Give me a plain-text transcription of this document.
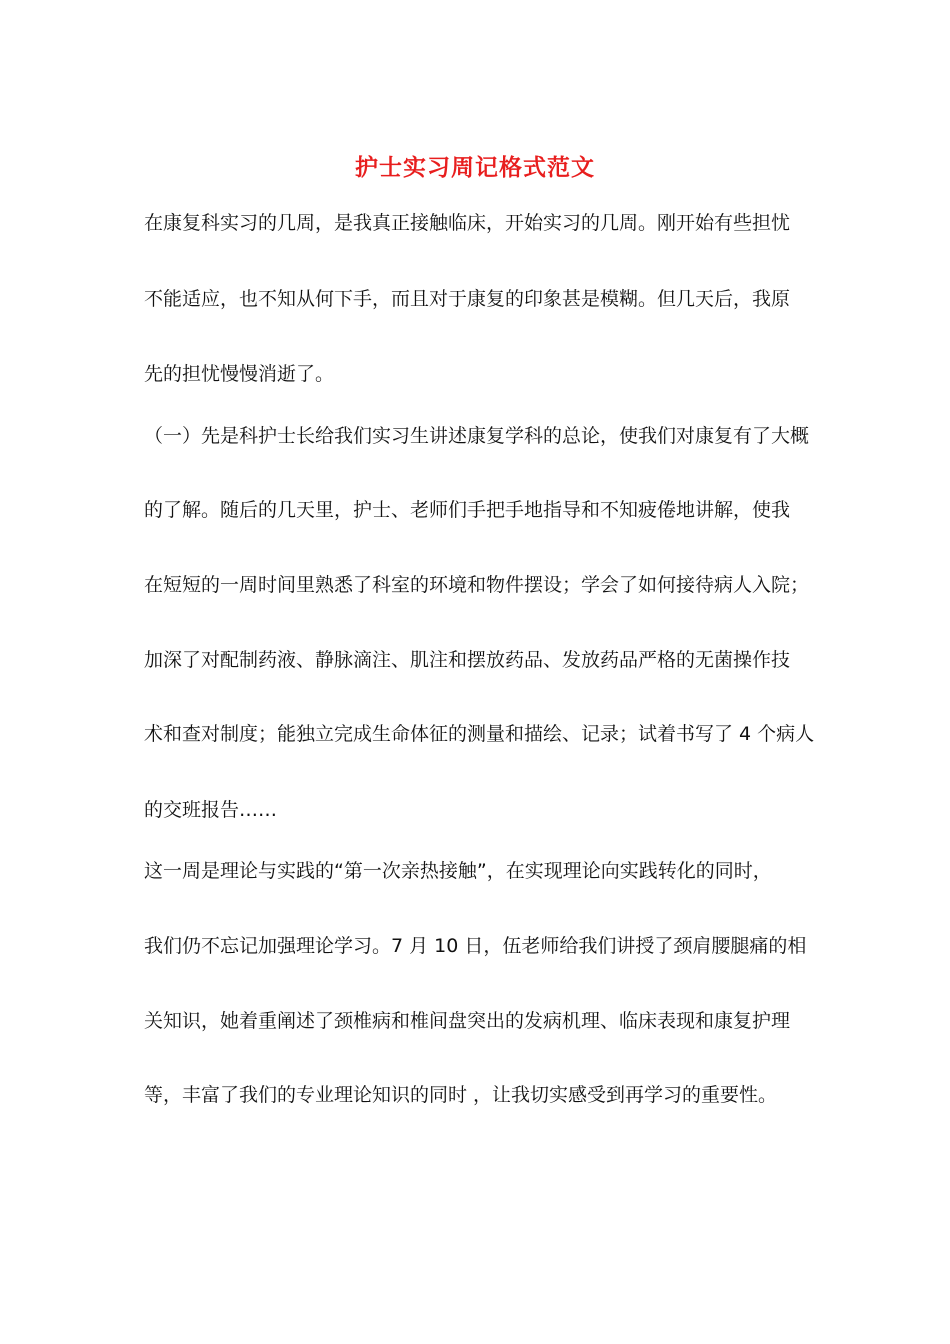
护士实习周记格式范文
在康复科实习的几周，是我真正接触临床，开始实习的几周。刚开始有些担忧
不能适应，也不知从何下手，而且对于康复的印象甚是模糊。但几天后，我原
先的担忧慢慢消逝了。
（一）先是科护士长给我们实习生讲述康复学科的总论，使我们对康复有了大概
的了解。随后的几天里，护士、老师们手把手地指导和不知疲倦地讲解，使我
在短短的一周时间里熟悉了科室的环境和物件摆设；学会了如何接待病人入院；
加深了对配制药液、静脉滴注、肌注和摆放药品、发放药品严格的无菌操作技
术和查对制度；能独立完成生命体征的测量和描绘、记录；试着书写了 4 个病人
的交班报告……
这一周是理论与实践的“第一次亲热接触”，在实现理论向实践转化的同时，
我们仍不忘记加强理论学习。7 月 10 日，伍老师给我们讲授了颈肩腰腿痛的相
关知识，她着重阐述了颈椎病和椎间盘突出的发病机理、临床表现和康复护理
等，丰富了我们的专业理论知识的同时 ，让我切实感受到再学习的重要性。
